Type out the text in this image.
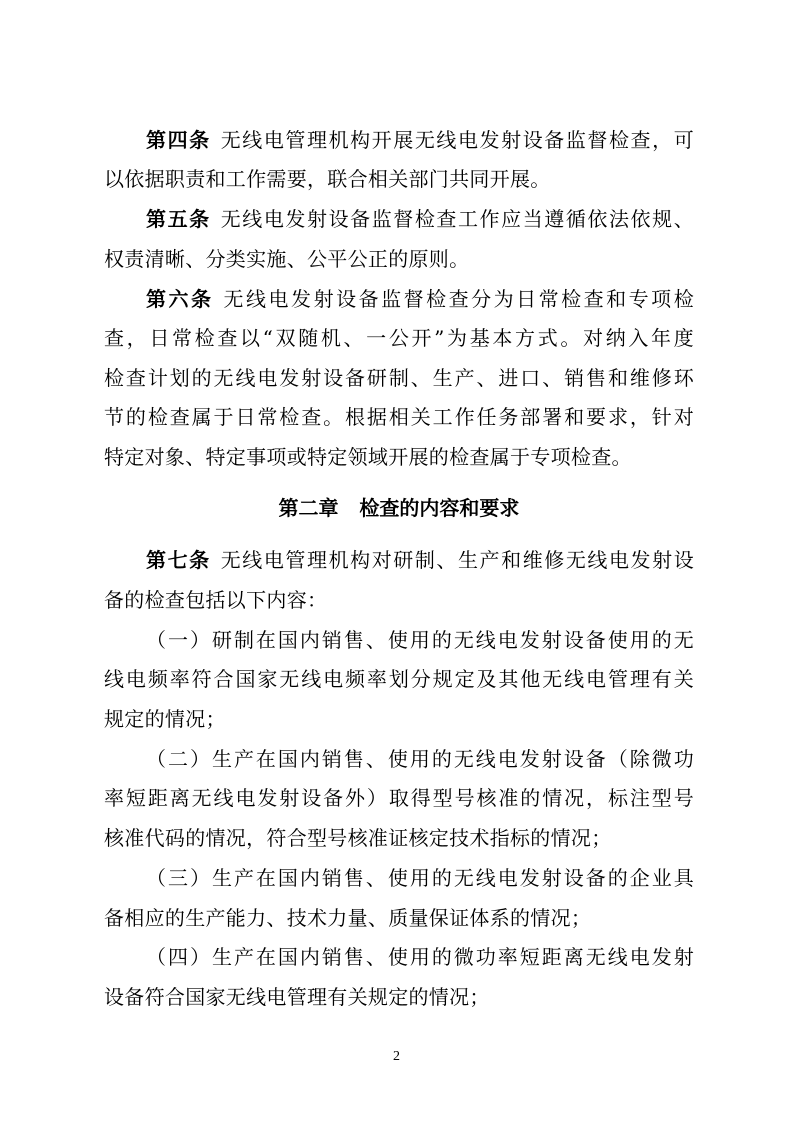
第四条 无线电管理机构开展无线电发射设备监督检查，可
以依据职责和工作需要，联合相关部门共同开展。
第五条 无线电发射设备监督检查工作应当遵循依法依规、
权责清晰、分类实施、公平公正的原则。
第六条 无线电发射设备监督检查分为日常检查和专项检
查，日常检查以“双随机、一公开”为基本方式。对纳入年度
检查计划的无线电发射设备研制、生产、进口、销售和维修环
节的检查属于日常检查。根据相关工作任务部署和要求，针对
特定对象、特定事项或特定领域开展的检查属于专项检查。
第二章   检查的内容和要求
第七条 无线电管理机构对研制、生产和维修无线电发射设
备的检查包括以下内容：
（一）研制在国内销售、使用的无线电发射设备使用的无
线电频率符合国家无线电频率划分规定及其他无线电管理有关
规定的情况；
（二）生产在国内销售、使用的无线电发射设备（除微功
率短距离无线电发射设备外）取得型号核准的情况，标注型号
核准代码的情况，符合型号核准证核定技术指标的情况；
（三）生产在国内销售、使用的无线电发射设备的企业具
备相应的生产能力、技术力量、质量保证体系的情况；
（四）生产在国内销售、使用的微功率短距离无线电发射
设备符合国家无线电管理有关规定的情况；
2
